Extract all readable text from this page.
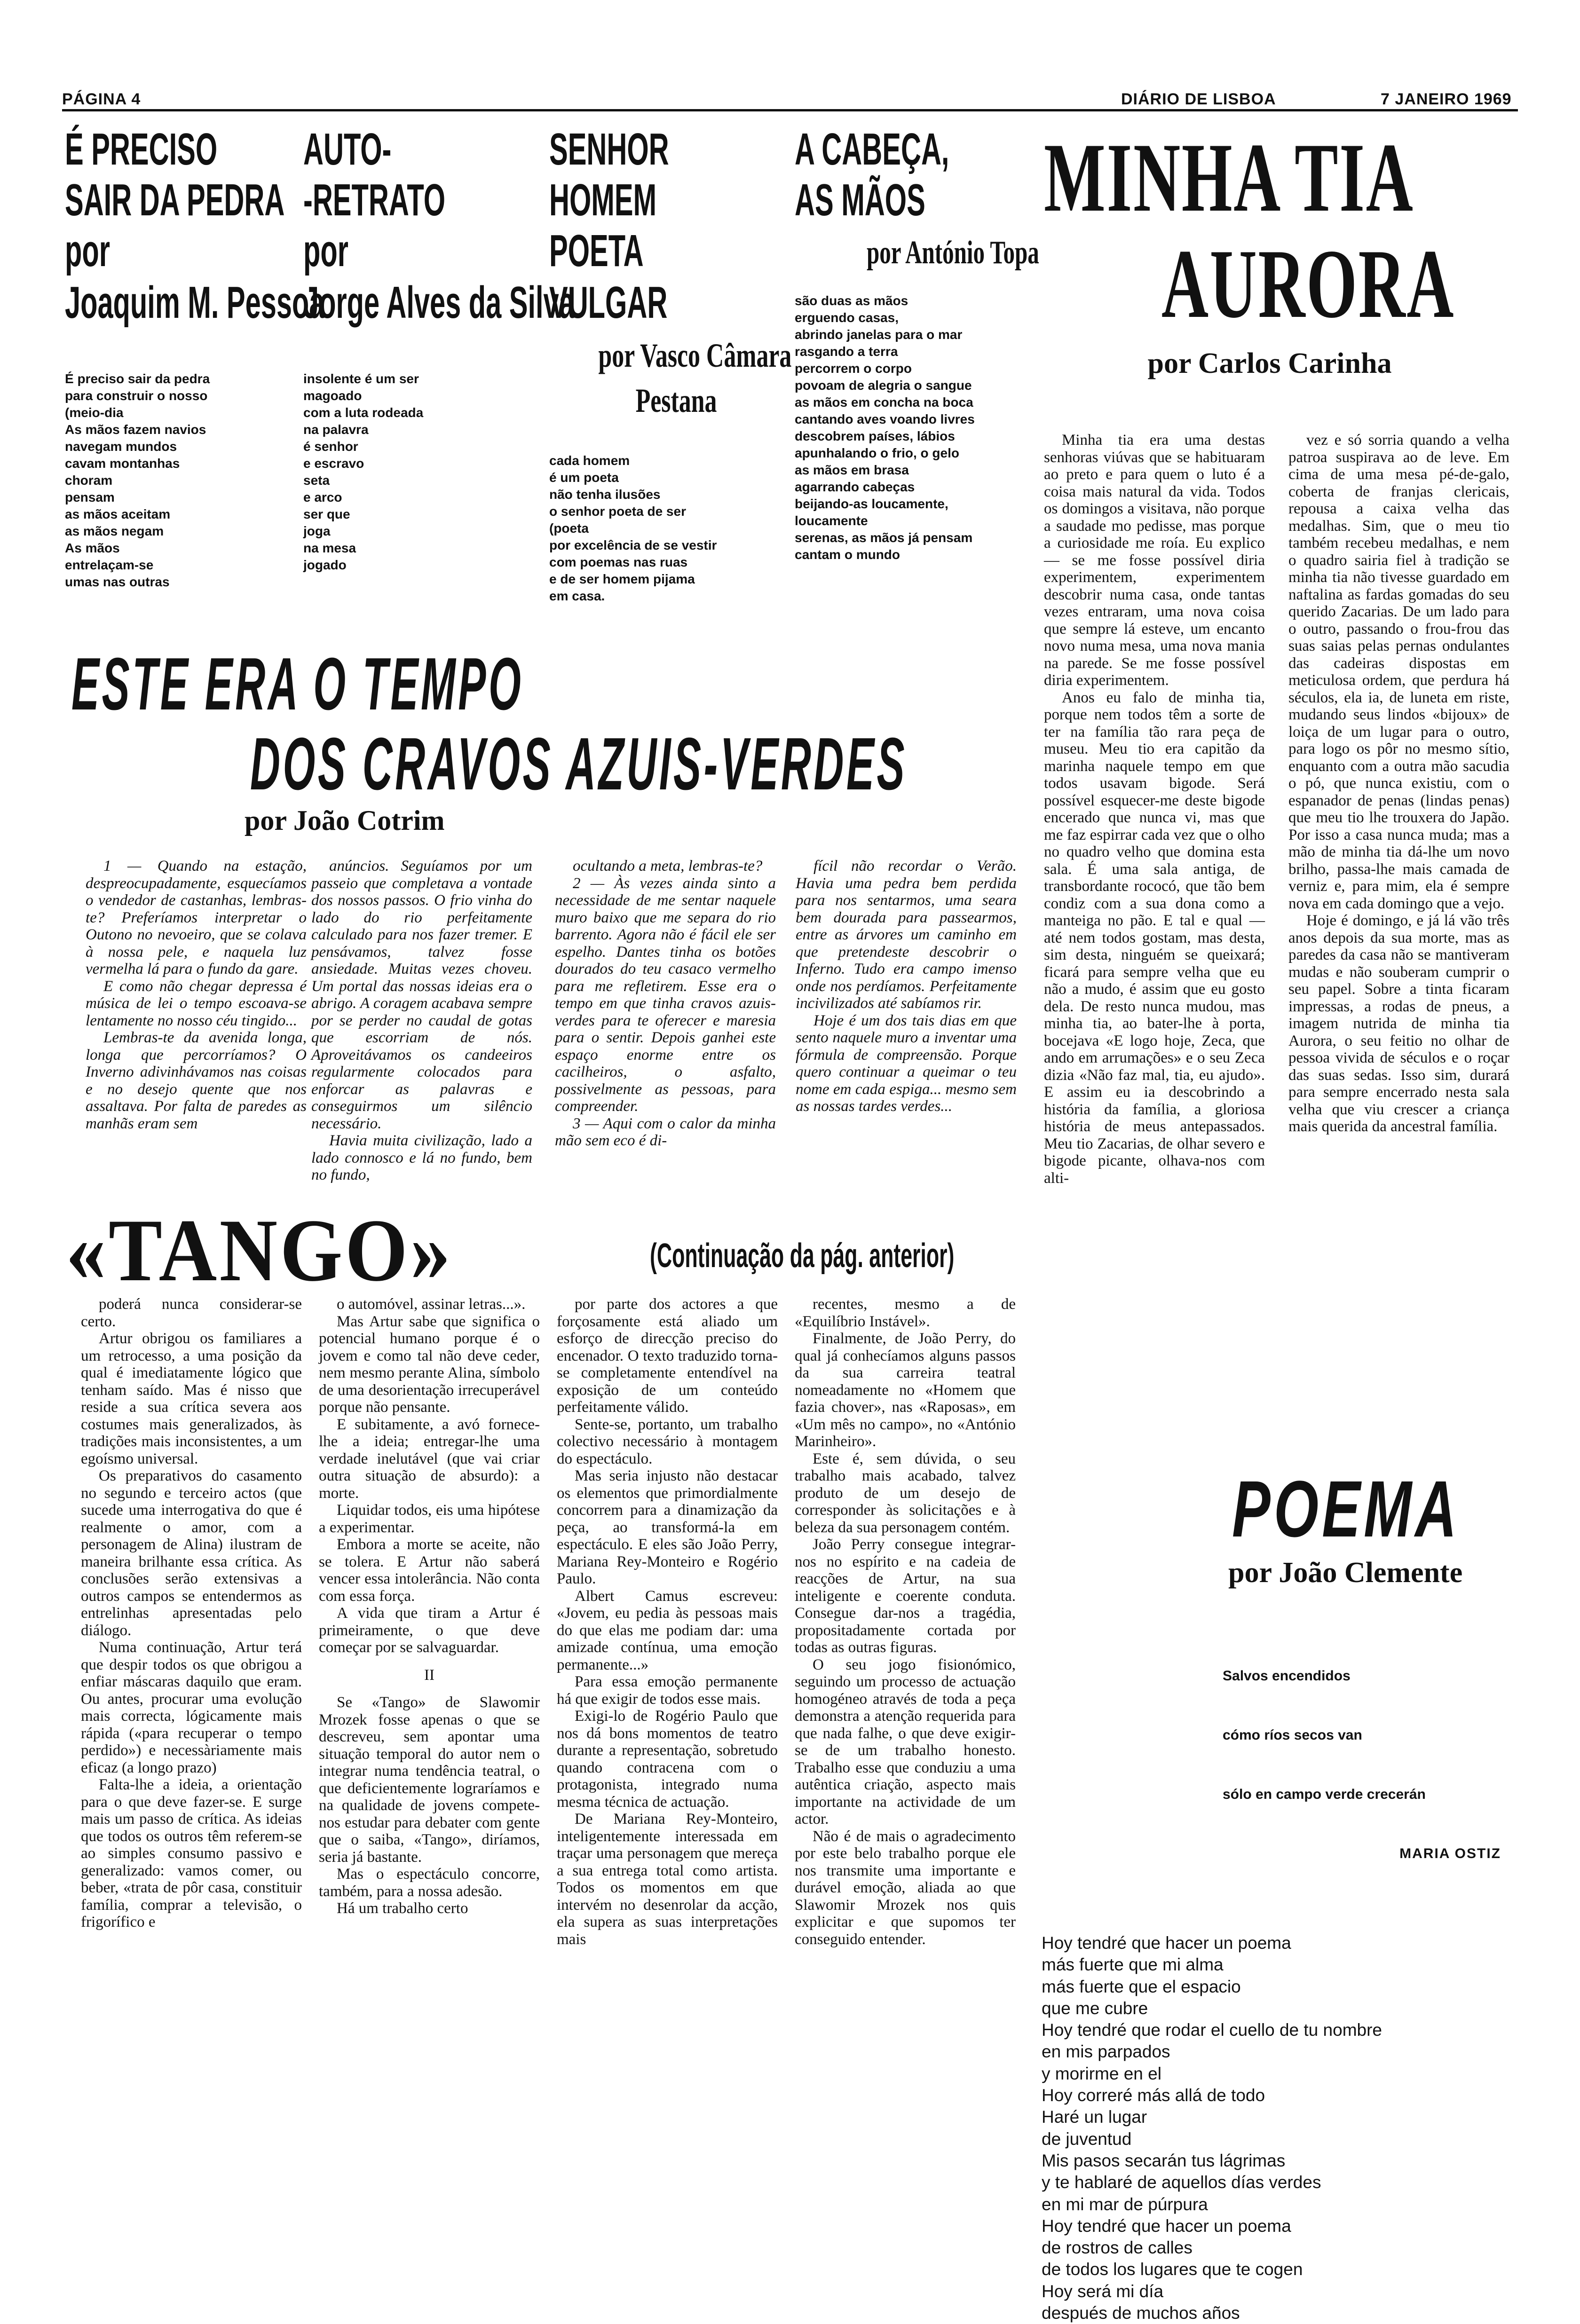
PÁGINA 4	DIÁRIO DE LISBOA	7 JANEIRO 1969
É PRECISO
SAIR DA PEDRA
por
Joaquim M. Pessoa
É preciso sair da pedra
para construir o nosso
(meio-dia
As mãos fazem navios
navegam mundos
cavam montanhas
choram
pensam
as mãos aceitam
as mãos negam
As mãos
entrelaçam-se
umas nas outras
AUTO-
-RETRATO
por
Jorge Alves da Silva
insolente é um ser
magoado
com a luta rodeada
na palavra
é senhor
e escravo
seta
e arco
ser que
joga
na mesa
jogado
SENHOR
HOMEM
POETA
VULGAR
por Vasco Câmara
Pestana
cada homem
é um poeta
não tenha ilusões
o senhor poeta de ser
(poeta
por excelência de se vestir
com poemas nas ruas
e de ser homem pijama
em casa.
A CABEÇA,
AS MÃOS
por António Topa
são duas as mãos
erguendo casas,
abrindo janelas para o mar
rasgando a terra
percorrem o corpo
povoam de alegria o sangue
as mãos em concha na boca
cantando aves voando livres
descobrem países, lábios
apunhalando o frio, o gelo
as mãos em brasa
agarrando cabeças
beijando-as loucamente,
loucamente
serenas, as mãos já pensam
cantam o mundo
MINHA TIA
AURORA
por Carlos Carinha

Minha tia era uma destas senhoras viúvas que se habituaram ao preto e para quem o luto é a coisa mais natural da vida. Todos os domingos a visitava, não porque a saudade mo pedisse, mas porque a curiosidade me roía. Eu explico — se me fosse possível diria experimentem, experimentem descobrir numa casa, onde tantas vezes entraram, uma nova coisa que sempre lá esteve, um encanto novo numa mesa, uma nova mania na parede. Se me fosse possível diria experimentem.

Anos eu falo de minha tia, porque nem todos têm a sorte de ter na família tão rara peça de museu. Meu tio era capitão da marinha naquele tempo em que todos usavam bigode. Será possível esquecer-me deste bigode encerado que nunca vi, mas que me faz espirrar cada vez que o olho no quadro velho que domina esta sala. É uma sala antiga, de transbordante rococó, que tão bem condiz com a sua dona como a manteiga no pão. E tal e qual — até nem todos gostam, mas desta, sim desta, ninguém se queixará; ficará para sempre velha que eu não a mudo, é assim que eu gosto dela. De resto nunca mudou, mas minha tia, ao bater-lhe à porta, bocejava «E logo hoje, Zeca, que ando em arrumações» e o seu Zeca dizia «Não faz mal, tia, eu ajudo». E assim eu ia descobrindo a história da família, a gloriosa história de meus antepassados. Meu tio Zacarias, de olhar severo e bigode picante, olhava-nos com alti-

vez e só sorria quando a velha patroa suspirava ao de leve. Em cima de uma mesa pé-de-galo, coberta de franjas clericais, repousa a caixa velha das medalhas. Sim, que o meu tio também recebeu medalhas, e nem o quadro sairia fiel à tradição se minha tia não tivesse guardado em naftalina as fardas gomadas do seu querido Zacarias. De um lado para o outro, passando o frou-frou das suas saias pelas pernas ondulantes das cadeiras dispostas em meticulosa ordem, que perdura há séculos, ela ia, de luneta em riste, mudando seus lindos «bijoux» de loiça de um lugar para o outro, para logo os pôr no mesmo sítio, enquanto com a outra mão sacudia o pó, que nunca existiu, com o espanador de penas (lindas penas) que meu tio lhe trouxera do Japão. Por isso a casa nunca muda; mas a mão de minha tia dá-lhe um novo brilho, passa-lhe mais camada de verniz e, para mim, ela é sempre nova em cada domingo que a vejo.

Hoje é domingo, e já lá vão três anos depois da sua morte, mas as paredes da casa não se mantiveram mudas e não souberam cumprir o seu papel. Sobre a tinta ficaram impressas, a rodas de pneus, a imagem nutrida de minha tia Aurora, o seu feitio no olhar de pessoa vivida de séculos e o roçar das suas sedas. Isso sim, durará para sempre encerrado nesta sala velha que viu crescer a criança mais querida da ancestral família.

ESTE ERA O TEMPO
DOS CRAVOS AZUIS-VERDES
por João Cotrim

1 — Quando na estação, despreocupadamente, esquecíamos o vendedor de castanhas, lembras-te? Preferíamos interpretar o Outono no nevoeiro, que se colava à nossa pele, e naquela luz vermelha lá para o fundo da gare.

E como não chegar depressa é música de lei o tempo escoava-se lentamente no nosso céu tingido...

Lembras-te da avenida longa, longa que percorríamos? O Inverno adivinhávamos nas coisas e no desejo quente que nos assaltava. Por falta de paredes as manhãs eram sem

anúncios. Seguíamos por um passeio que completava a vontade dos nossos passos. O frio vinha do lado do rio perfeitamente calculado para nos fazer tremer. E pensávamos, talvez fosse ansiedade. Muitas vezes choveu. Um portal das nossas ideias era o abrigo. A coragem acabava sempre por se perder no caudal de gotas que escorriam de nós. Aproveitávamos os candeeiros regularmente colocados para enforcar as palavras e conseguirmos um silêncio necessário.

Havia muita civilização, lado a lado connosco e lá no fundo, bem no fundo,

ocultando a meta, lembras-te?

2 — Às vezes ainda sinto a necessidade de me sentar naquele muro baixo que me separa do rio barrento. Agora não é fácil ele ser espelho. Dantes tinha os botões dourados do teu casaco vermelho para me refletirem. Esse era o tempo em que tinha cravos azuis-verdes para te oferecer e maresia para o sentir. Depois ganhei este espaço enorme entre os cacilheiros, o asfalto, possivelmente as pessoas, para compreender.

3 — Aqui com o calor da minha mão sem eco é di-

fícil não recordar o Verão. Havia uma pedra bem perdida para nos sentarmos, uma seara bem dourada para passearmos, entre as árvores um caminho em que pretendeste descobrir o Inferno. Tudo era campo imenso onde nos perdíamos. Perfeitamente incivilizados até sabíamos rir.

Hoje é um dos tais dias em que sento naquele muro a inventar uma fórmula de compreensão. Porque quero continuar a queimar o teu nome em cada espiga... mesmo sem as nossas tardes verdes...

«TANGO»	(Continuação da pág. anterior)

poderá nunca considerar-se certo.

Artur obrigou os familiares a um retrocesso, a uma posição da qual é imediatamente lógico que tenham saído. Mas é nisso que reside a sua crítica severa aos costumes mais generalizados, às tradições mais inconsistentes, a um egoísmo universal.

Os preparativos do casamento no segundo e terceiro actos (que sucede uma interrogativa do que é realmente o amor, com a personagem de Alina) ilustram de maneira brilhante essa crítica. As conclusões serão extensivas a outros campos se entendermos as entrelinhas apresentadas pelo diálogo.

Numa continuação, Artur terá que despir todos os que obrigou a enfiar máscaras daquilo que eram. Ou antes, procurar uma evolução mais correcta, lógicamente mais rápida («para recuperar o tempo perdido») e necessàriamente mais eficaz (a longo prazo)

Falta-lhe a ideia, a orientação para o que deve fazer-se. E surge mais um passo de crítica. As ideias que todos os outros têm referem-se ao simples consumo passivo e generalizado: vamos comer, ou beber, «trata de pôr casa, constituir família, comprar a televisão, o frigorífico e

o automóvel, assinar letras...».

Mas Artur sabe que significa o potencial humano porque é o jovem e como tal não deve ceder, nem mesmo perante Alina, símbolo de uma desorientação irrecuperável porque não pensante.

E subitamente, a avó fornece-lhe a ideia; entregar-lhe uma verdade inelutável (que vai criar outra situação de absurdo): a morte.

Liquidar todos, eis uma hipótese a experimentar.

Embora a morte se aceite, não se tolera. E Artur não saberá vencer essa intolerância. Não conta com essa força.

A vida que tiram a Artur é primeiramente, o que deve começar por se salvaguardar.

II

Se «Tango» de Slawomir Mrozek fosse apenas o que se descreveu, sem apontar uma situação temporal do autor nem o integrar numa tendência teatral, o que deficientemente lograríamos e na qualidade de jovens compete-nos estudar para debater com gente que o saiba, «Tango», diríamos, seria já bastante.

Mas o espectáculo concorre, também, para a nossa adesão.

Há um trabalho certo

por parte dos actores a que forçosamente está aliado um esforço de direcção preciso do encenador. O texto traduzido torna-se completamente entendível na exposição de um conteúdo perfeitamente válido.

Sente-se, portanto, um trabalho colectivo necessário à montagem do espectáculo.

Mas seria injusto não destacar os elementos que primordialmente concorrem para a dinamização da peça, ao transformá-la em espectáculo. E eles são João Perry, Mariana Rey-Monteiro e Rogério Paulo.

Albert Camus escreveu: «Jovem, eu pedia às pessoas mais do que elas me podiam dar: uma amizade contínua, uma emoção permanente...»

Para essa emoção permanente há que exigir de todos esse mais.

Exigi-lo de Rogério Paulo que nos dá bons momentos de teatro durante a representação, sobretudo quando contracena com o protagonista, integrado numa mesma técnica de actuação.

De Mariana Rey-Monteiro, inteligentemente interessada em traçar uma personagem que mereça a sua entrega total como artista. Todos os momentos em que intervém no desenrolar da acção, ela supera as suas interpretações mais

recentes, mesmo a de «Equilíbrio Instável».

Finalmente, de João Perry, do qual já conhecíamos alguns passos da sua carreira teatral nomeadamente no «Homem que fazia chover», nas «Raposas», em «Um mês no campo», no «António Marinheiro».

Este é, sem dúvida, o seu trabalho mais acabado, talvez produto de um desejo de corresponder às solicitações e à beleza da sua personagem contém.

João Perry consegue integrar-nos no espírito e na cadeia de reacções de Artur, na sua inteligente e coerente conduta. Conseguе dar-nos a tragédia, propositadamente cortada por todas as outras figuras.

O seu jogo fisionómico, seguindo um processo de actuação homogéneo através de toda a peça demonstra a atenção requerida para que nada falhe, o que deve exigir-se de um trabalho honesto. Trabalho esse que conduziu a uma autêntica criação, aspecto mais importante na actividade de um actor.

Não é de mais o agradecimento por este belo trabalho porque ele nos transmite uma importante e durável emoção, aliada ao que Slawomir Mrozek nos quis explicitar e que supomos ter conseguido entender.

POEMA
por João Clemente

Salvos encendidos

cómo ríos secos van

sólo en campo verde crecerán

MARIA OSTIZ

Hoy tendré que hacer un poema
más fuerte que mi alma
más fuerte que el espacio
que me cubre
Hoy tendré que rodar el cuello de tu nombre
en mis parpados
y morirme en el
Hoy correré más allá de todo
Haré un lugar
de juventud
Mis pasos secarán tus lágrimas
y te hablaré de aquellos días verdes
en mi mar de púrpura
Hoy tendré que hacer un poema
de rostros de calles
de todos los lugares que te cogen
Hoy será mi día
después de muchos años
